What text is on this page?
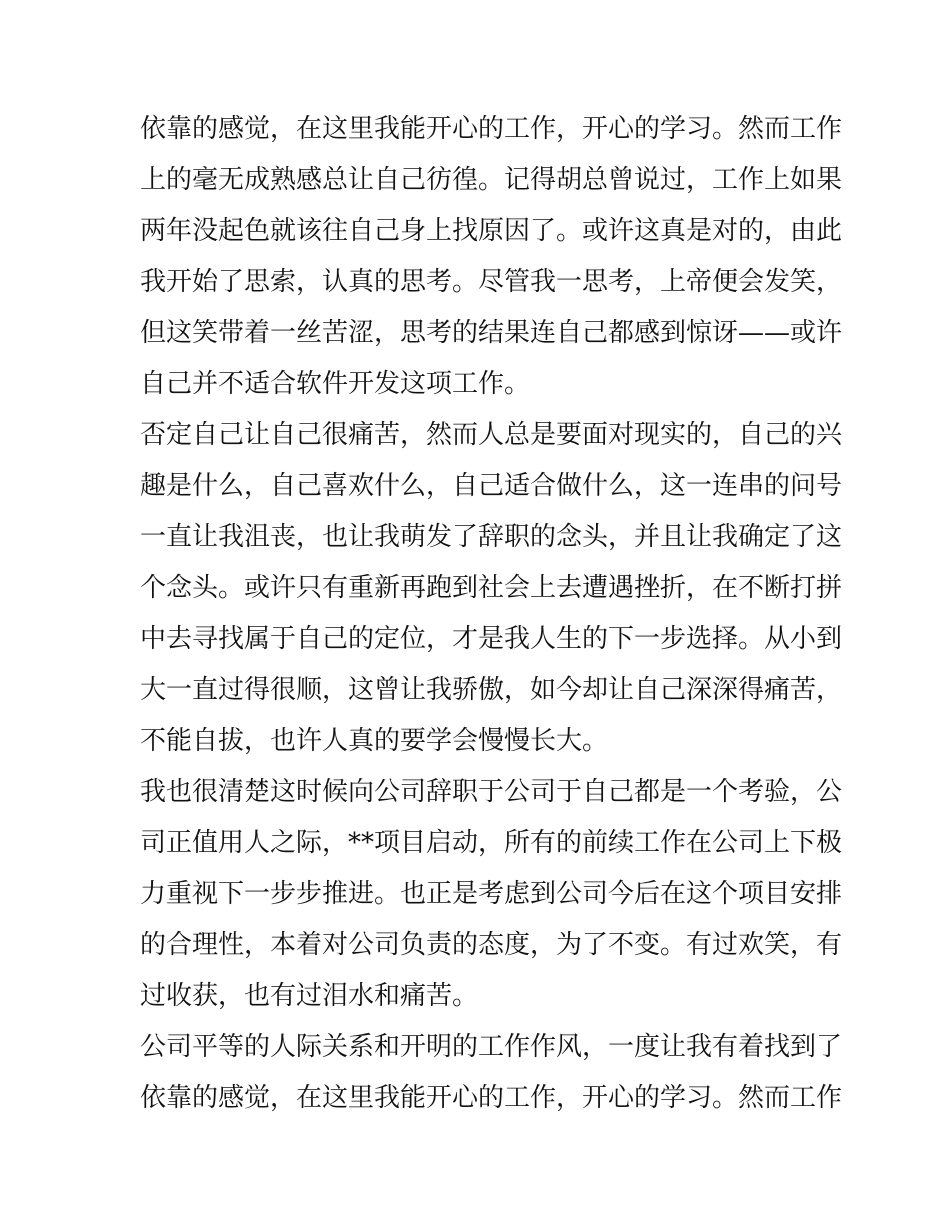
依靠的感觉，在这里我能开心的工作，开心的学习。然而工作
上的毫无成熟感总让自己彷徨。记得胡总曾说过，工作上如果
两年没起色就该往自己身上找原因了。或许这真是对的，由此
我开始了思索，认真的思考。尽管我一思考，上帝便会发笑，
但这笑带着一丝苦涩，思考的结果连自己都感到惊讶——或许
自己并不适合软件开发这项工作。
否定自己让自己很痛苦，然而人总是要面对现实的，自己的兴
趣是什么，自己喜欢什么，自己适合做什么，这一连串的问号
一直让我沮丧，也让我萌发了辞职的念头，并且让我确定了这
个念头。或许只有重新再跑到社会上去遭遇挫折，在不断打拼
中去寻找属于自己的定位，才是我人生的下一步选择。从小到
大一直过得很顺，这曾让我骄傲，如今却让自己深深得痛苦，
不能自拔，也许人真的要学会慢慢长大。
我也很清楚这时候向公司辞职于公司于自己都是一个考验，公
司正值用人之际，**项目启动，所有的前续工作在公司上下极
力重视下一步步推进。也正是考虑到公司今后在这个项目安排
的合理性，本着对公司负责的态度，为了不变。有过欢笑，有
过收获，也有过泪水和痛苦。
公司平等的人际关系和开明的工作作风，一度让我有着找到了
依靠的感觉，在这里我能开心的工作，开心的学习。然而工作
